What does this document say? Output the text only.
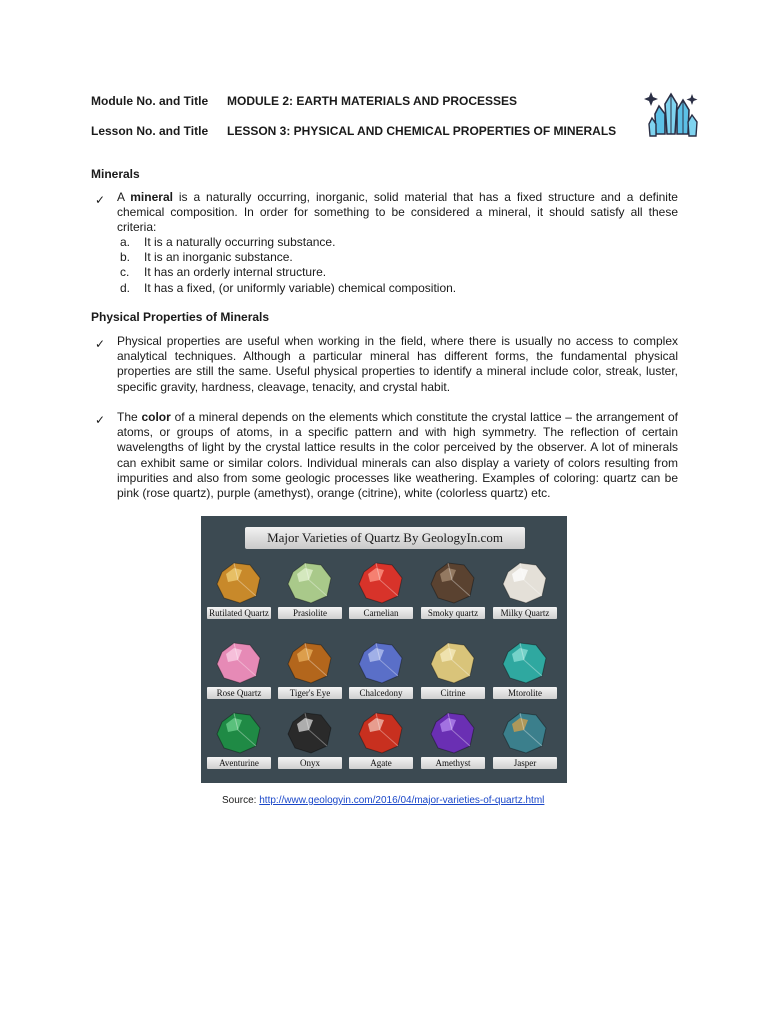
Module No. and Title MODULE 2: EARTH MATERIALS AND PROCESSES
Lesson No. and Title LESSON 3: PHYSICAL AND CHEMICAL PROPERTIES OF MINERALS
Minerals
✓ A mineral is a naturally occurring, inorganic, solid material that has a fixed structure and a definite chemical composition. In order for something to be considered a mineral, it should satisfy all these criteria:

a.	It is a naturally occurring substance.
b.	It is an inorganic substance.
c.	It has an orderly internal structure.
d.	It has a fixed, (or uniformly variable) chemical composition.
Physical Properties of Minerals
✓ Physical properties are useful when working in the field, where there is usually no access to complex analytical techniques. Although a particular mineral has different forms, the fundamental physical properties are still the same. Useful physical properties to identify a mineral include color, streak, luster, specific gravity, hardness, cleavage, tenacity, and crystal habit.

✓ The color of a mineral depends on the elements which constitute the crystal lattice – the arrangement of atoms, or groups of atoms, in a specific pattern and with high symmetry. The reflection of certain wavelengths of light by the crystal lattice results in the color perceived by the observer. A lot of minerals can exhibit same or similar colors. Individual minerals can also display a variety of colors resulting from impurities and also from some geologic processes like weathering. Examples of coloring: quartz can be pink (rose quartz), purple (amethyst), orange (citrine), white (colorless quartz) etc.

Major Varieties of Quartz By GeologyIn.com
Rutilated Quartz	Prasiolite	Carnelian	Smoky quartz	Milky Quartz
Rose Quartz	Tiger's Eye	Chalcedony	Citrine	Mtorolite
Aventurine	Onyx	Agate	Amethyst	Jasper
Source: http://www.geologyin.com/2016/04/major-varieties-of-quartz.html
